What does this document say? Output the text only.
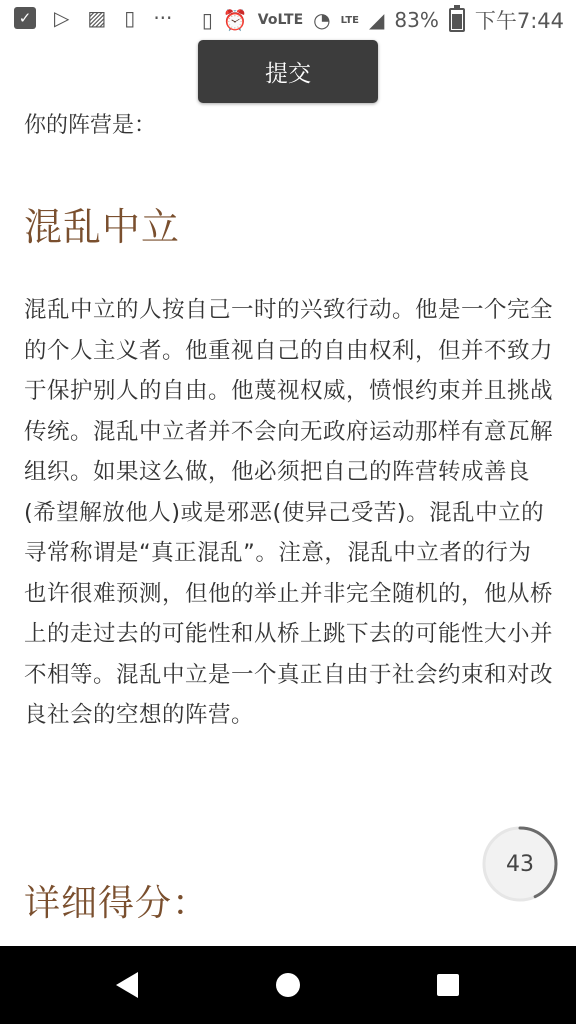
✓ ▷ ▨ ▯ ··· ▯ ⏰ VoLTE ◔ LTE ◢ 83% 下午7:44
提交
你的阵营是：
混乱中立
混乱中立的人按自己一时的兴致行动。他是一个完全的个人主义者。他重视自己的自由权利，但并不致力于保护别人的自由。他蔑视权威，愤恨约束并且挑战传统。混乱中立者并不会向无政府运动那样有意瓦解组织。如果这么做，他必须把自己的阵营转成善良(希望解放他人)或是邪恶(使异己受苦)。混乱中立的寻常称谓是“真正混乱”。注意，混乱中立者的行为也许很难预测，但他的举止并非完全随机的，他从桥上的走过去的可能性和从桥上跳下去的可能性大小并不相等。混乱中立是一个真正自由于社会约束和对改良社会的空想的阵营。
详细得分：
43
